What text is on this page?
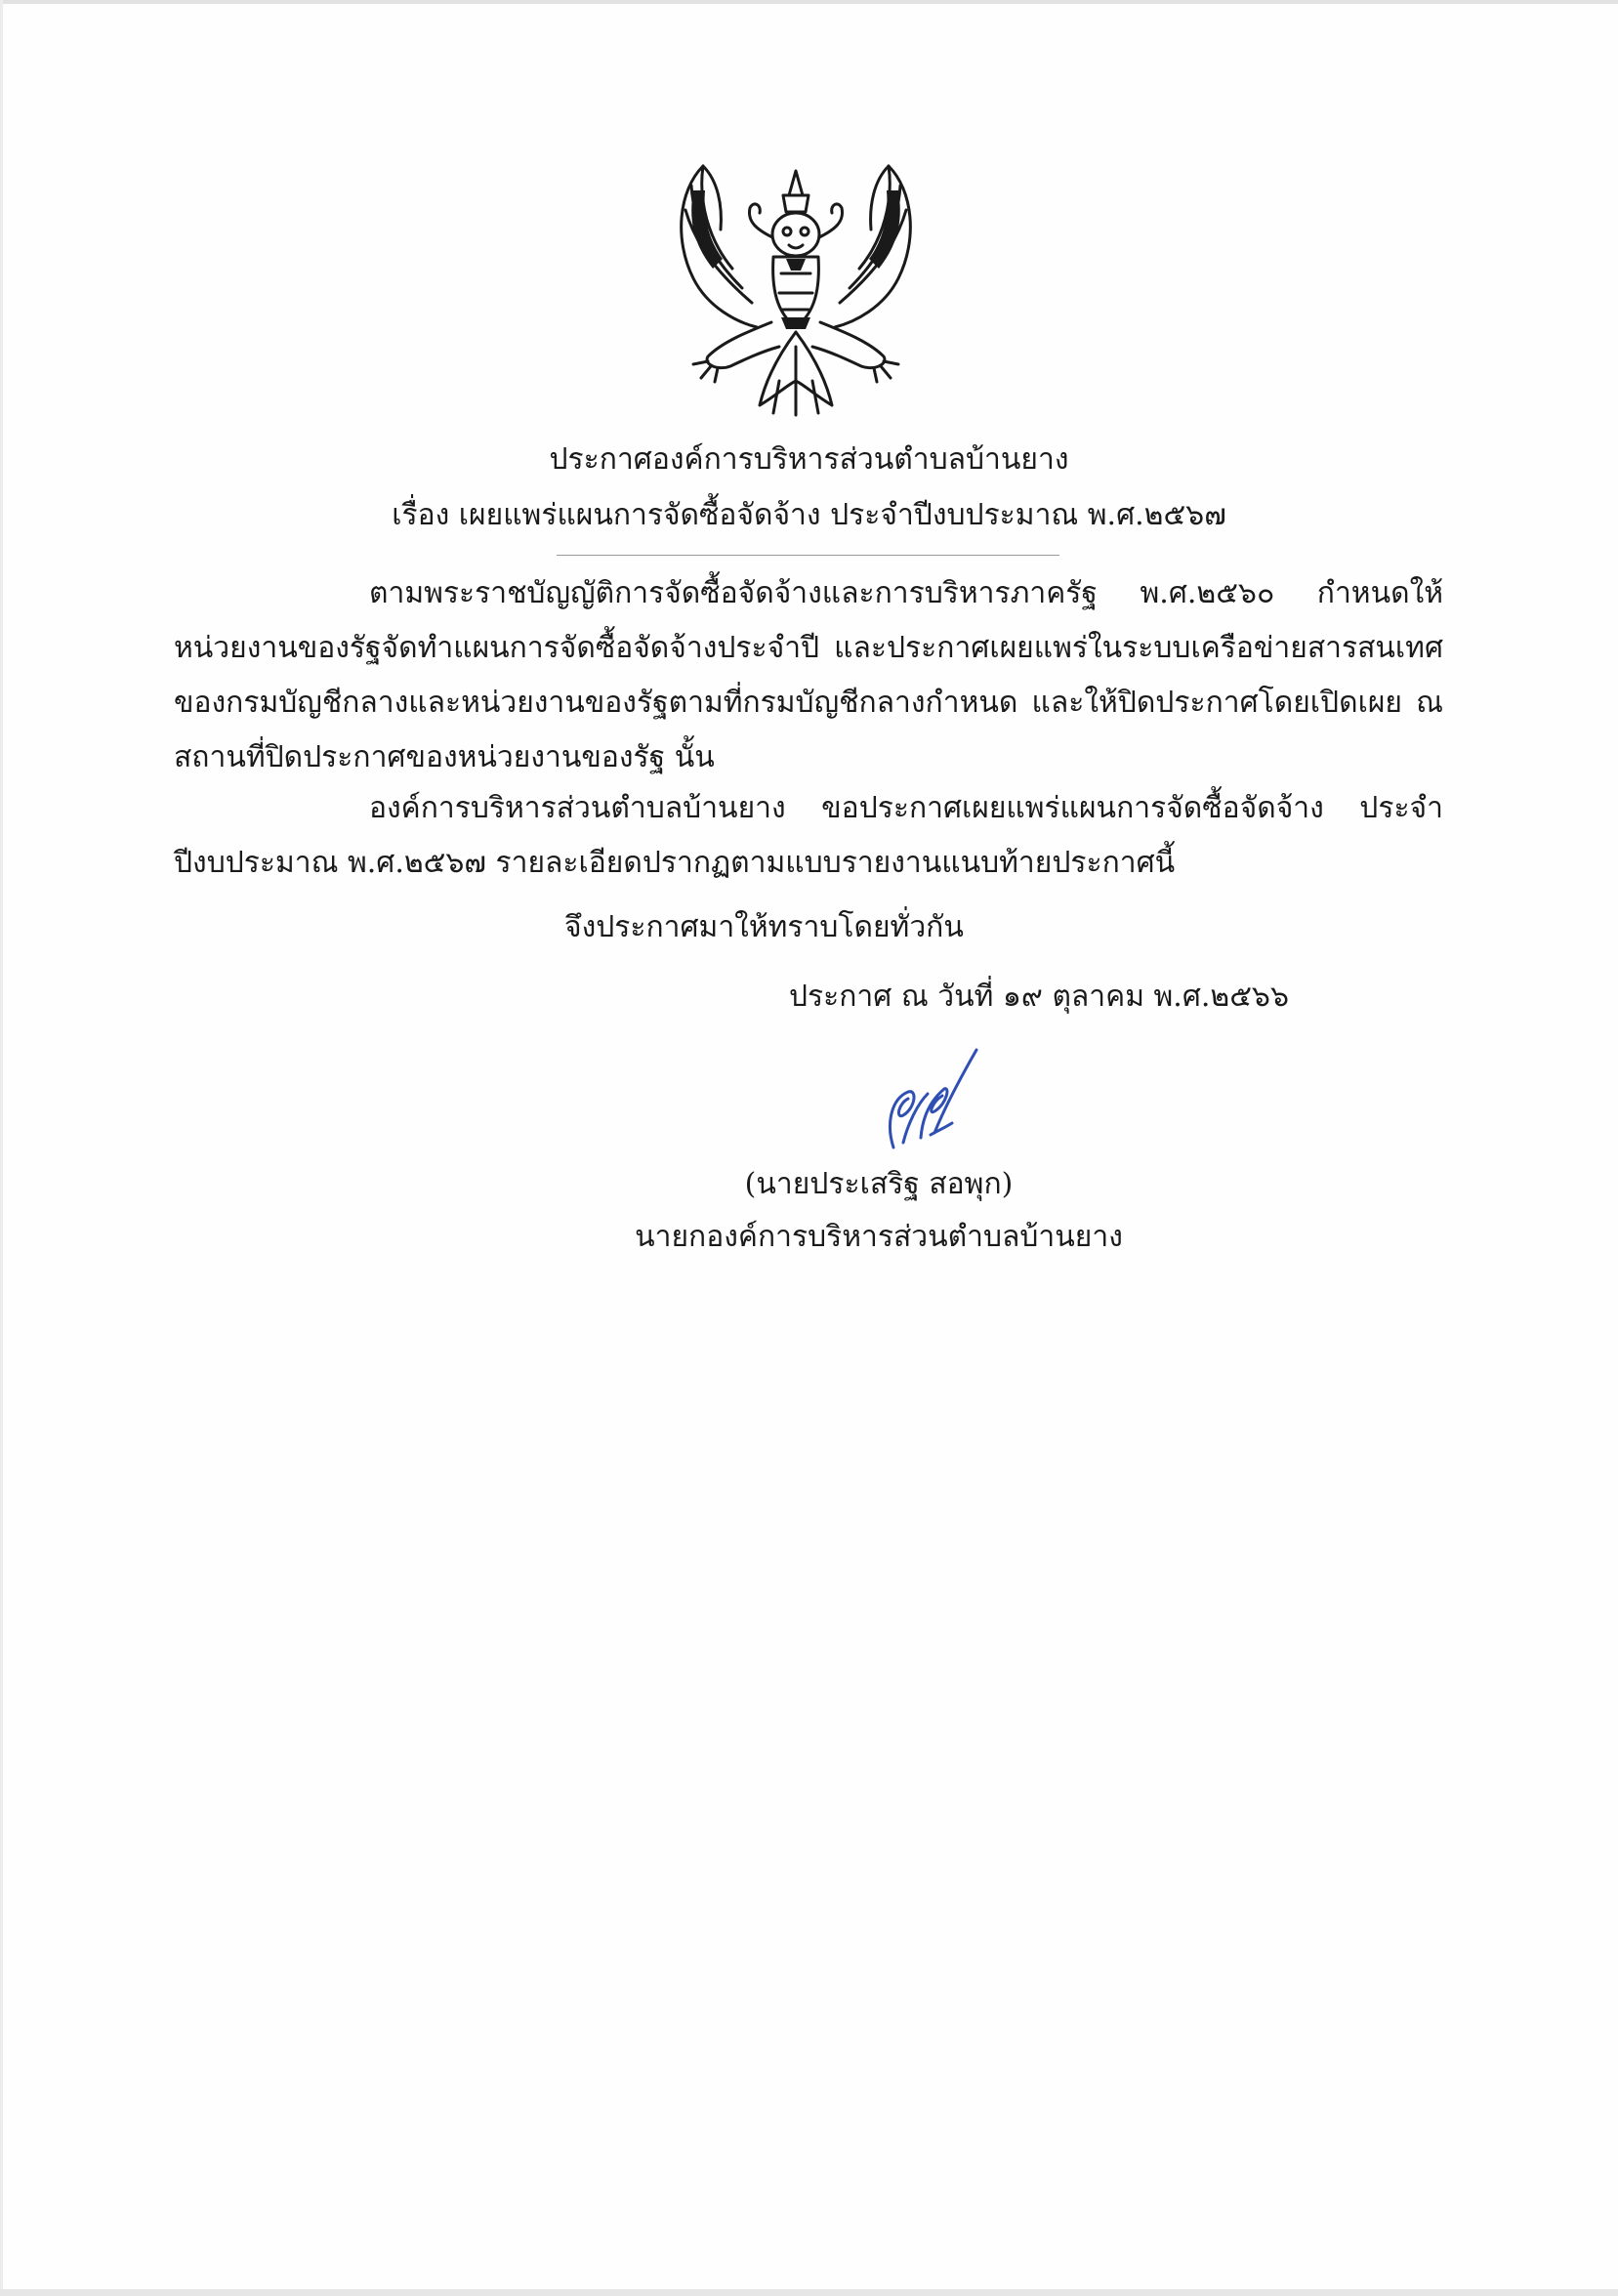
ประกาศองค์การบริหารส่วนตำบลบ้านยาง
เรื่อง เผยแพร่แผนการจัดซื้อจัดจ้าง ประจำปีงบประมาณ พ.ศ.๒๕๖๗

ตามพระราชบัญญัติการจัดซื้อจัดจ้างและการบริหารภาครัฐ พ.ศ.๒๕๖๐ กำหนดให้หน่วยงานของรัฐจัดทำแผนการจัดซื้อจัดจ้างประจำปี และประกาศเผยแพร่ในระบบเครือข่ายสารสนเทศของกรมบัญชีกลางและหน่วยงานของรัฐตามที่กรมบัญชีกลางกำหนด และให้ปิดประกาศโดยเปิดเผย ณ สถานที่ปิดประกาศของหน่วยงานของรัฐ นั้น

องค์การบริหารส่วนตำบลบ้านยาง ขอประกาศเผยแพร่แผนการจัดซื้อจัดจ้าง ประจำปีงบประมาณ พ.ศ.๒๕๖๗ รายละเอียดปรากฏตามแบบรายงานแนบท้ายประกาศนี้

จึงประกาศมาให้ทราบโดยทั่วกัน
ประกาศ ณ วันที่ ๑๙ ตุลาคม พ.ศ.๒๕๖๖
(นายประเสริฐ สอพุก)
นายกองค์การบริหารส่วนตำบลบ้านยาง
